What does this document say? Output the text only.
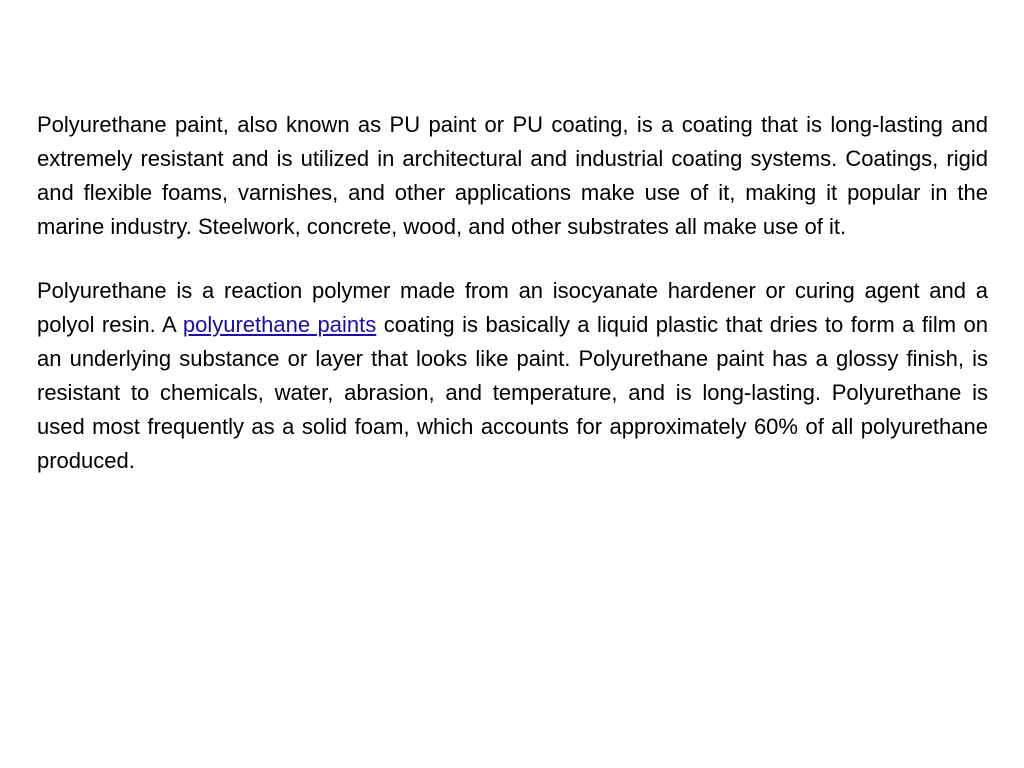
Polyurethane paint, also known as PU paint or PU coating, is a coating that is long-lasting and extremely resistant and is utilized in architectural and industrial coating systems. Coatings, rigid and flexible foams, varnishes, and other applications make use of it, making it popular in the marine industry. Steelwork, concrete, wood, and other substrates all make use of it.

Polyurethane is a reaction polymer made from an isocyanate hardener or curing agent and a polyol resin. A polyurethane paints coating is basically a liquid plastic that dries to form a film on an underlying substance or layer that looks like paint. Polyurethane paint has a glossy finish, is resistant to chemicals, water, abrasion, and temperature, and is long-lasting. Polyurethane is used most frequently as a solid foam, which accounts for approximately 60% of all polyurethane produced.
